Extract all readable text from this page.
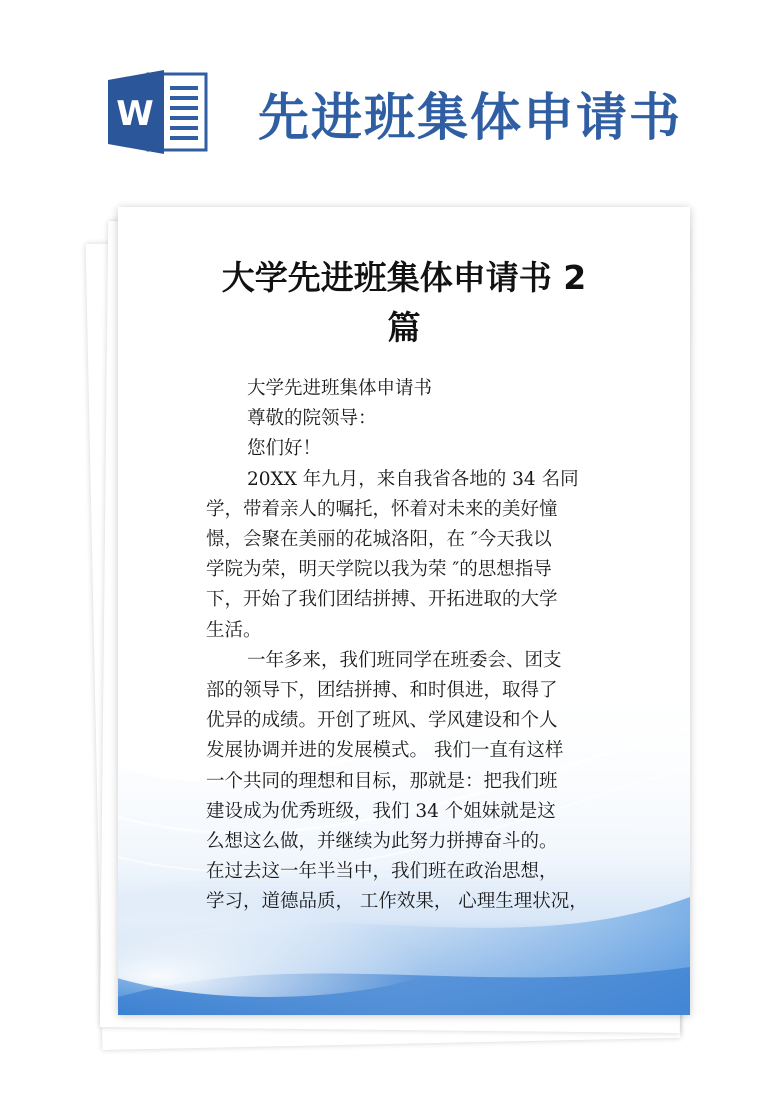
W 先进班集体申请书
大学先进班集体申请书 2
篇
大学先进班集体申请书
尊敬的院领导：
您们好！
20XX 年九月，来自我省各地的 34 名同
学，带着亲人的嘱托，怀着对未来的美好憧
憬，会聚在美丽的花城洛阳，在 ″今天我以
学院为荣，明天学院以我为荣 ″的思想指导
下，开始了我们团结拼搏、开拓进取的大学
生活。
一年多来，我们班同学在班委会、团支
部的领导下，团结拼搏、和时俱进，取得了
优异的成绩。开创了班风、学风建设和个人
发展协调并进的发展模式。 我们一直有这样
一个共同的理想和目标，那就是：把我们班
建设成为优秀班级，我们 34 个姐妹就是这
么想这么做，并继续为此努力拼搏奋斗的。
在过去这一年半当中，我们班在政治思想，
学习，道德品质， 工作效果， 心理生理状况，
